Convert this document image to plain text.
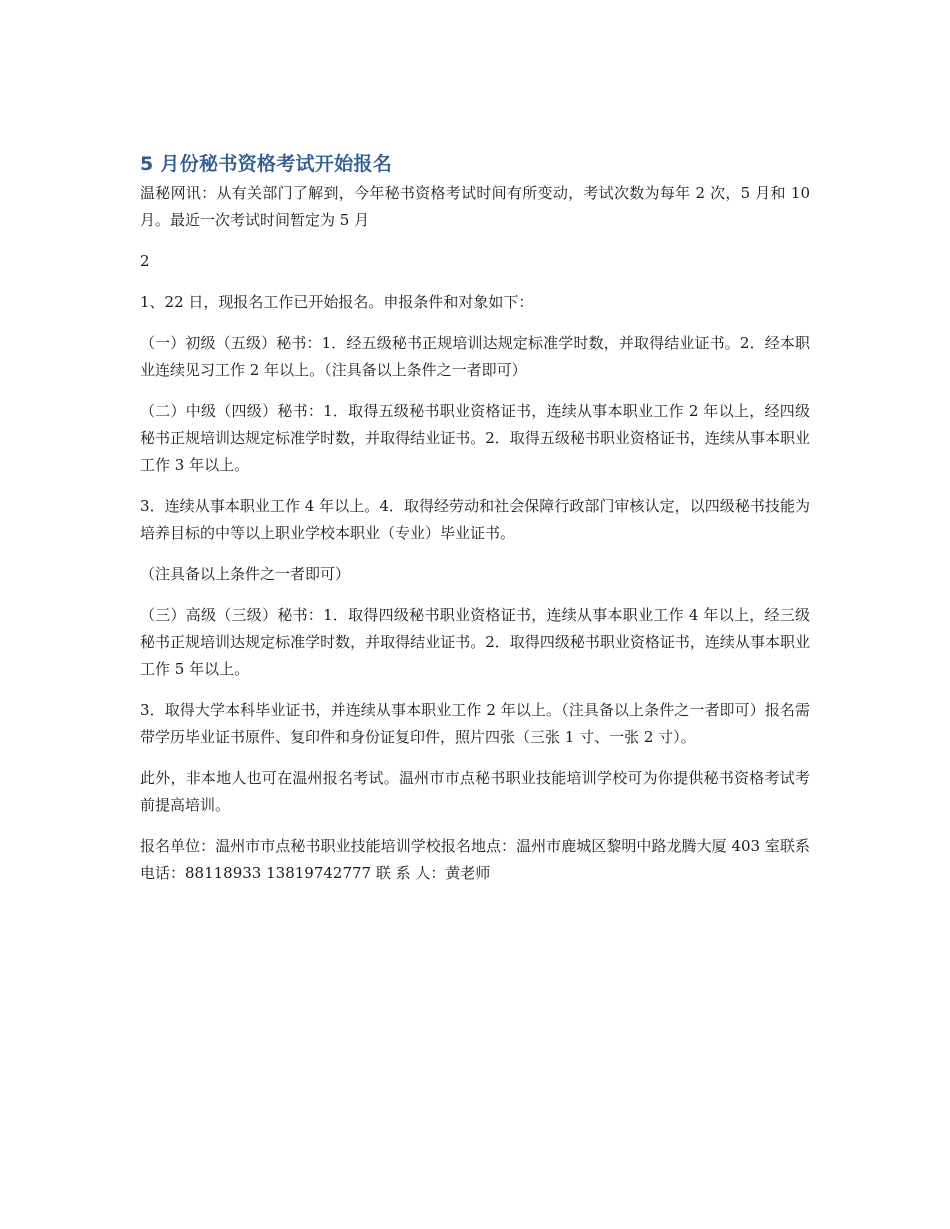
5 月份秘书资格考试开始报名

温秘网讯：从有关部门了解到，今年秘书资格考试时间有所变动，考试次数为每年 2 次，5 月和 10 月。最近一次考试时间暂定为 5 月

2

1、22 日，现报名工作已开始报名。申报条件和对象如下：

（一）初级（五级）秘书：1．经五级秘书正规培训达规定标准学时数，并取得结业证书。2．经本职业连续见习工作 2 年以上。（注具备以上条件之一者即可）

（二）中级（四级）秘书：1．取得五级秘书职业资格证书，连续从事本职业工作 2 年以上，经四级秘书正规培训达规定标准学时数，并取得结业证书。2．取得五级秘书职业资格证书，连续从事本职业工作 3 年以上。

3．连续从事本职业工作 4 年以上。4．取得经劳动和社会保障行政部门审核认定，以四级秘书技能为培养目标的中等以上职业学校本职业（专业）毕业证书。

（注具备以上条件之一者即可）

（三）高级（三级）秘书：1．取得四级秘书职业资格证书，连续从事本职业工作 4 年以上，经三级秘书正规培训达规定标准学时数，并取得结业证书。2．取得四级秘书职业资格证书，连续从事本职业工作 5 年以上。

3．取得大学本科毕业证书，并连续从事本职业工作 2 年以上。（注具备以上条件之一者即可）报名需带学历毕业证书原件、复印件和身份证复印件，照片四张（三张 1 寸、一张 2 寸）。

此外，非本地人也可在温州报名考试。温州市市点秘书职业技能培训学校可为你提供秘书资格考试考前提高培训。

报名单位：温州市市点秘书职业技能培训学校报名地点：温州市鹿城区黎明中路龙腾大厦 403 室联系电话：88118933 13819742777 联 系 人：黄老师
